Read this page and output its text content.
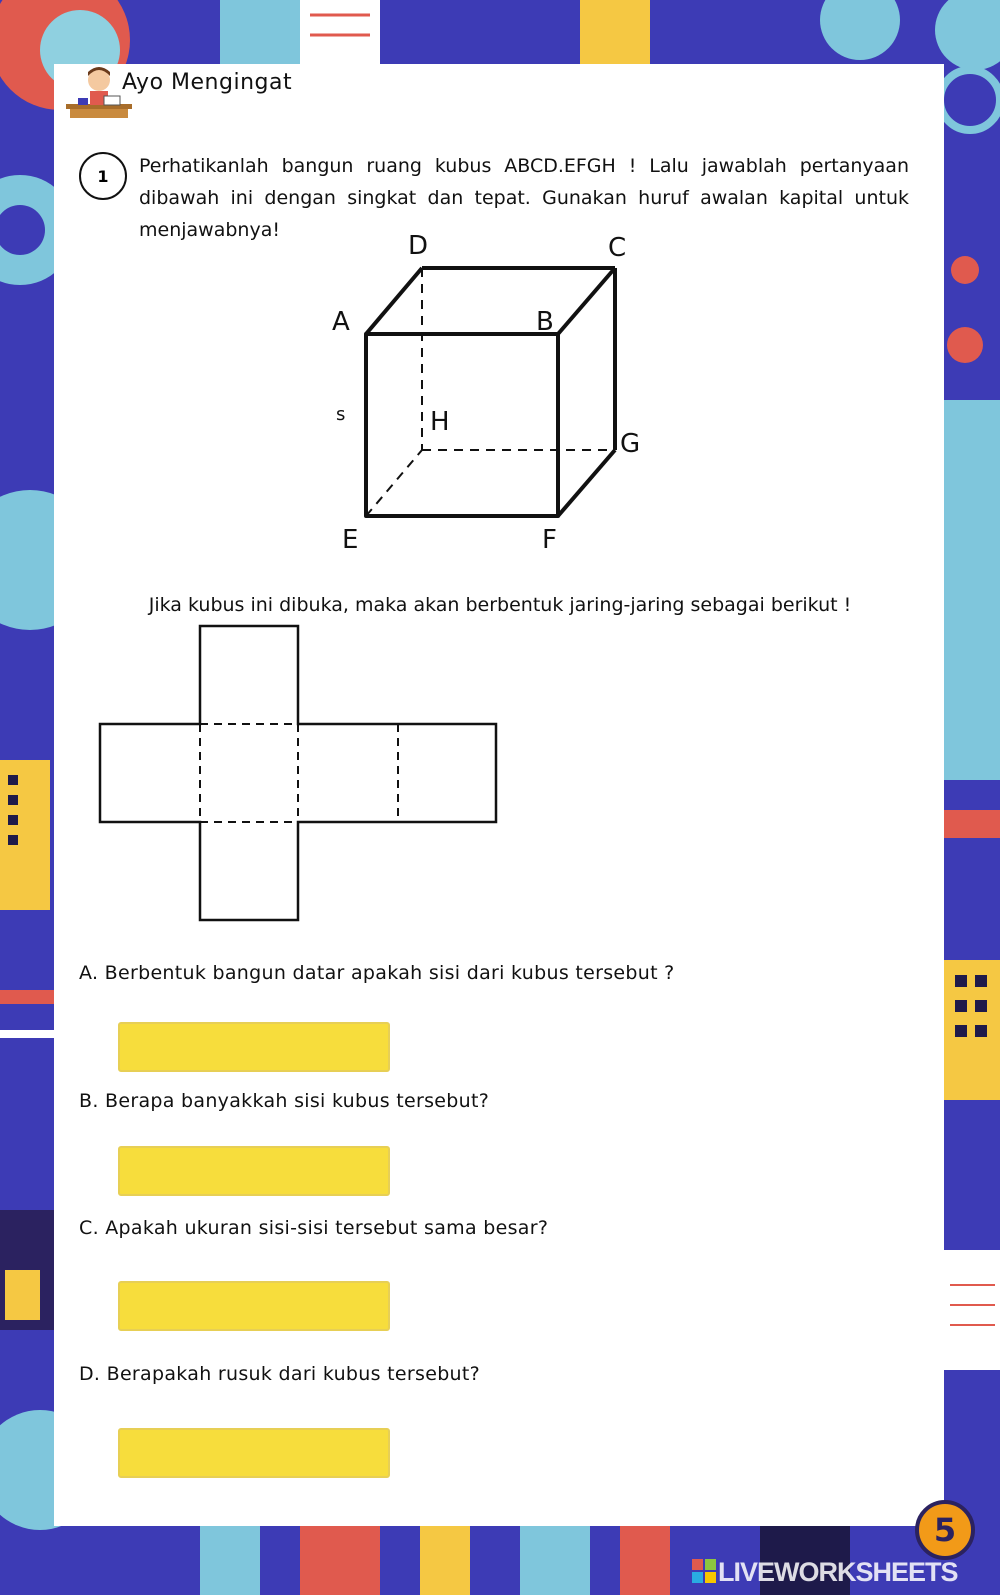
Ayo Mengingat
1	Perhatikanlah bangun ruang kubus ABCD.EFGH ! Lalu jawablah pertanyaan dibawah ini dengan singkat dan tepat. Gunakan huruf awalan kapital untuk menjawabnya!
D	C
A	B
H
G
E	F
s
Jika kubus ini dibuka, maka akan berbentuk jaring-jaring sebagai berikut !
A. Berbentuk bangun datar apakah sisi dari kubus tersebut ?
B. Berapa banyakkah sisi kubus tersebut?
C. Apakah ukuran sisi-sisi tersebut sama besar?
D. Berapakah rusuk dari kubus tersebut?
5
LIVEWORKSHEETS
